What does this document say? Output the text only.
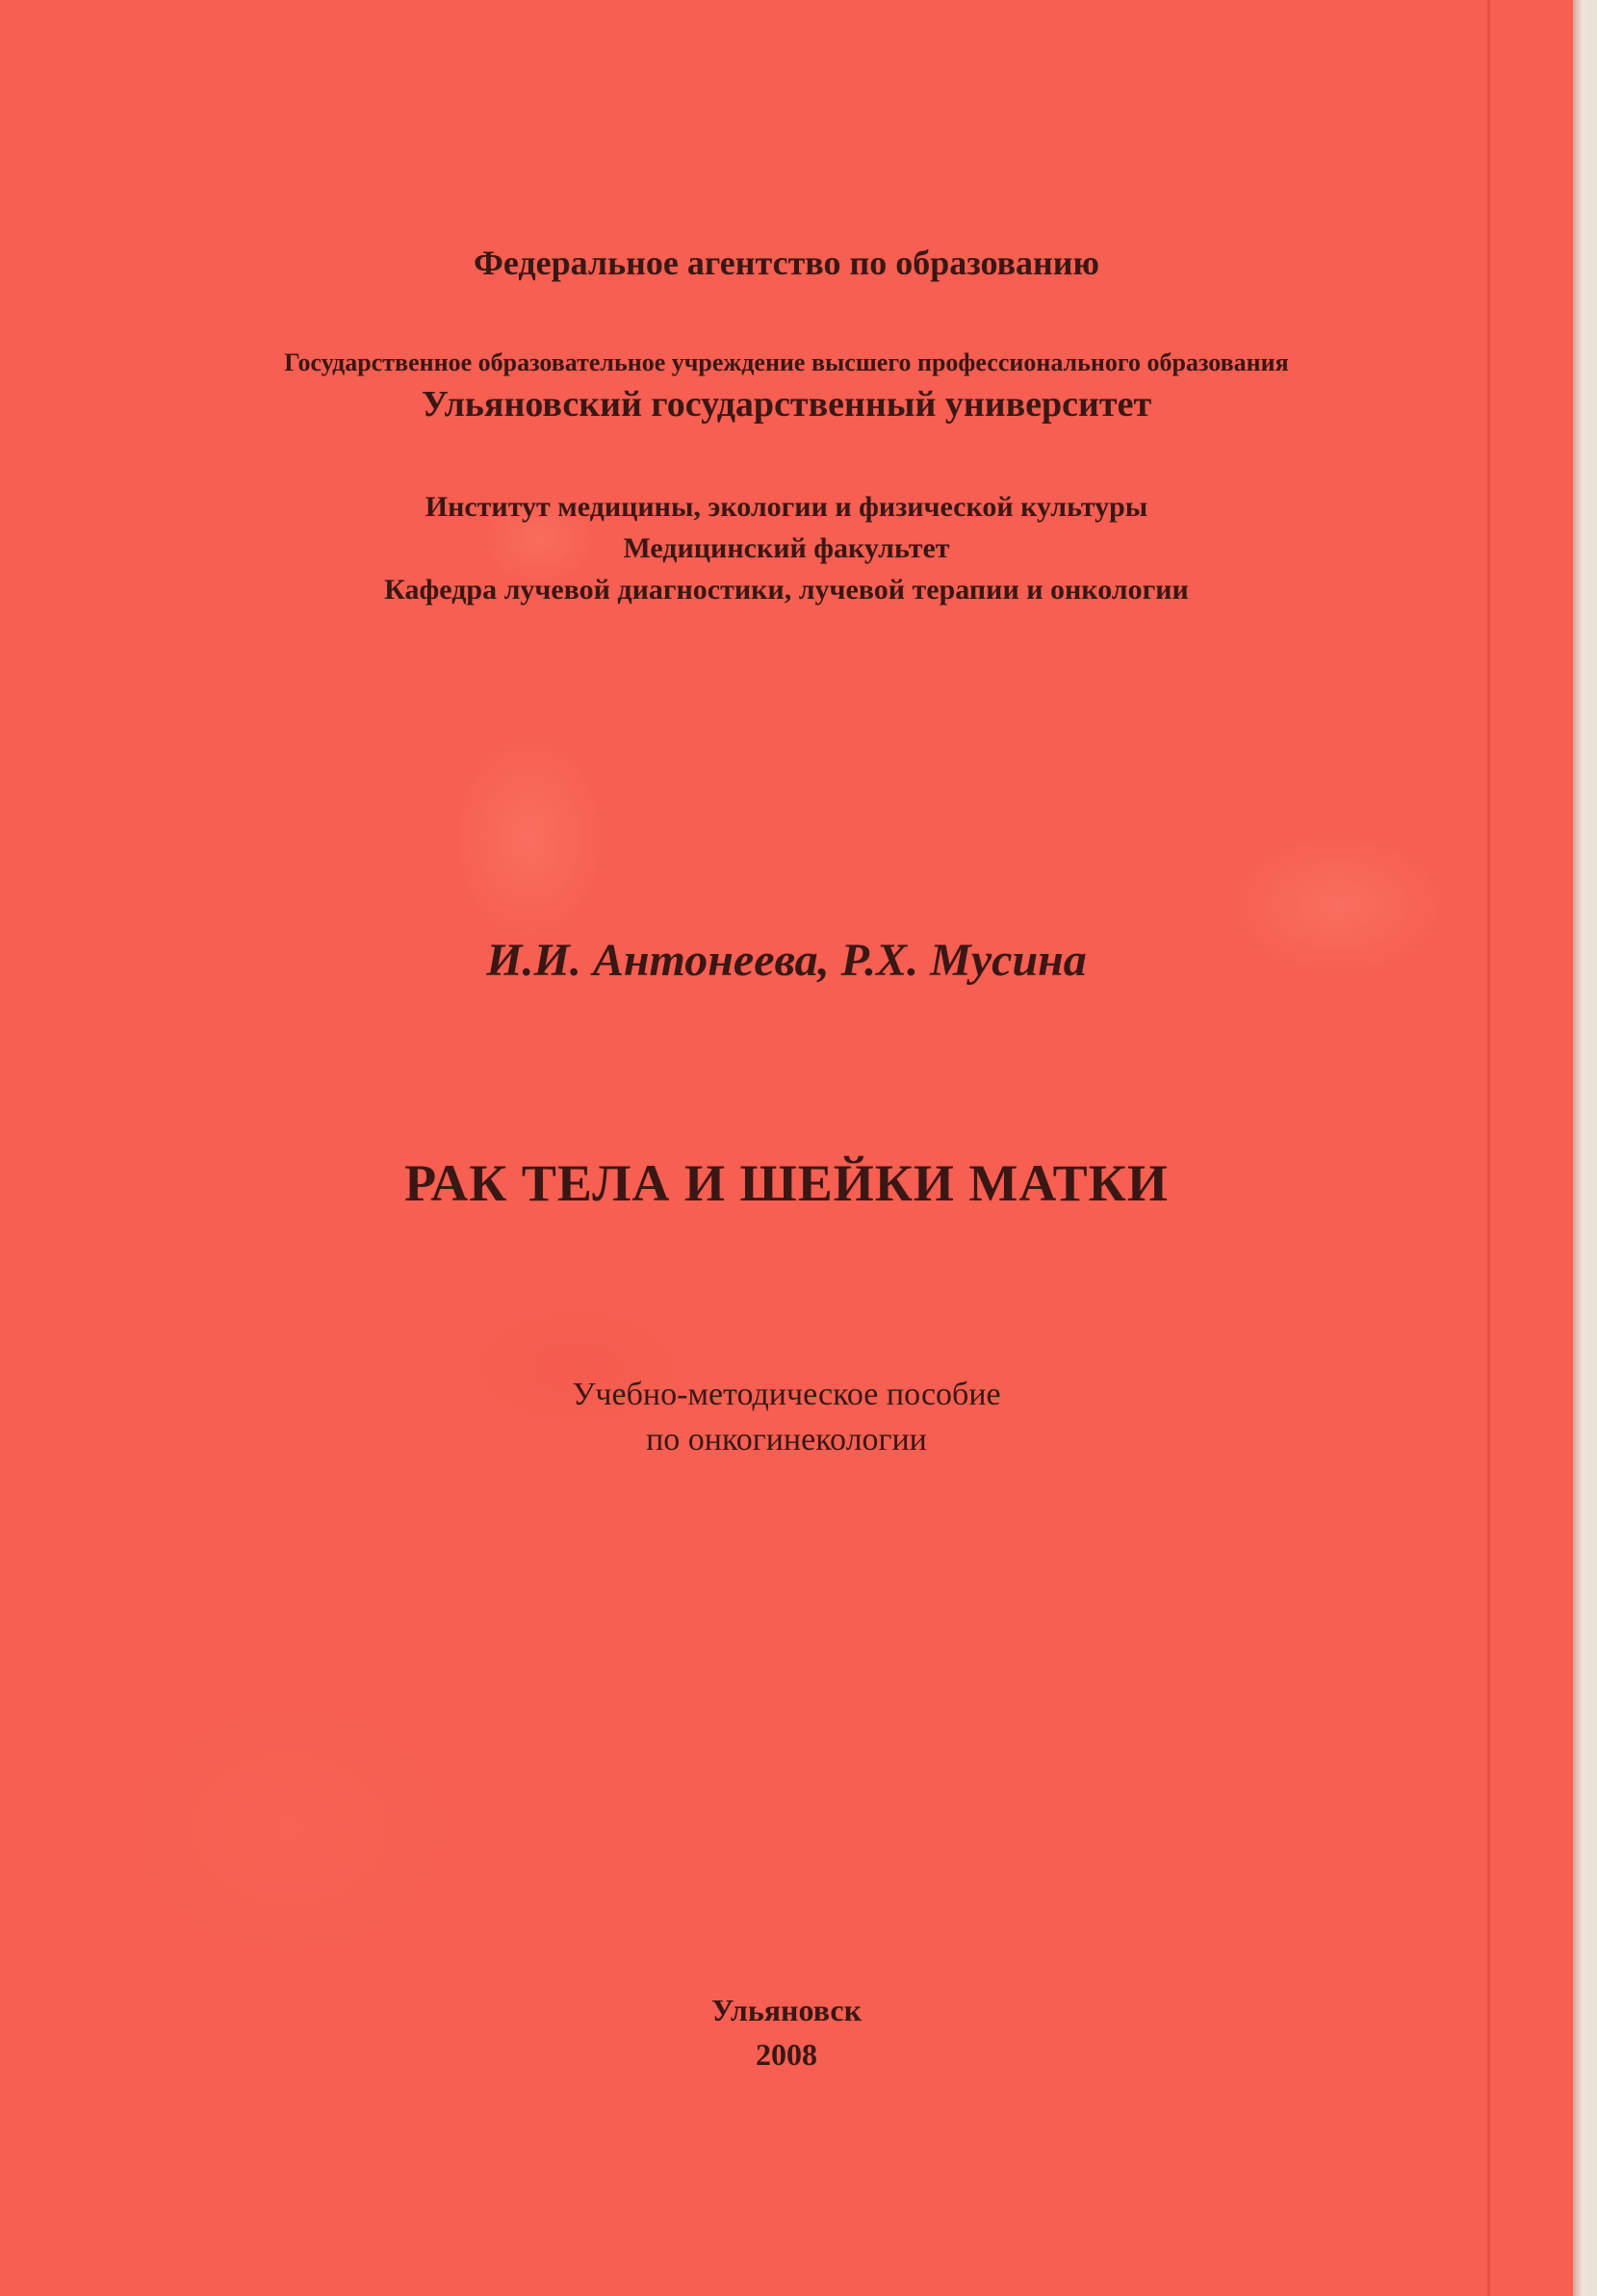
Федеральное агентство по образованию
Государственное образовательное учреждение высшего профессионального образования
Ульяновский государственный университет
Институт медицины, экологии и физической культуры
Медицинский факультет
Кафедра лучевой диагностики, лучевой терапии и онкологии
И.И. Антонеева, Р.Х. Мусина
РАК ТЕЛА И ШЕЙКИ МАТКИ
Учебно-методическое пособие
по онкогинекологии
Ульяновск
2008
